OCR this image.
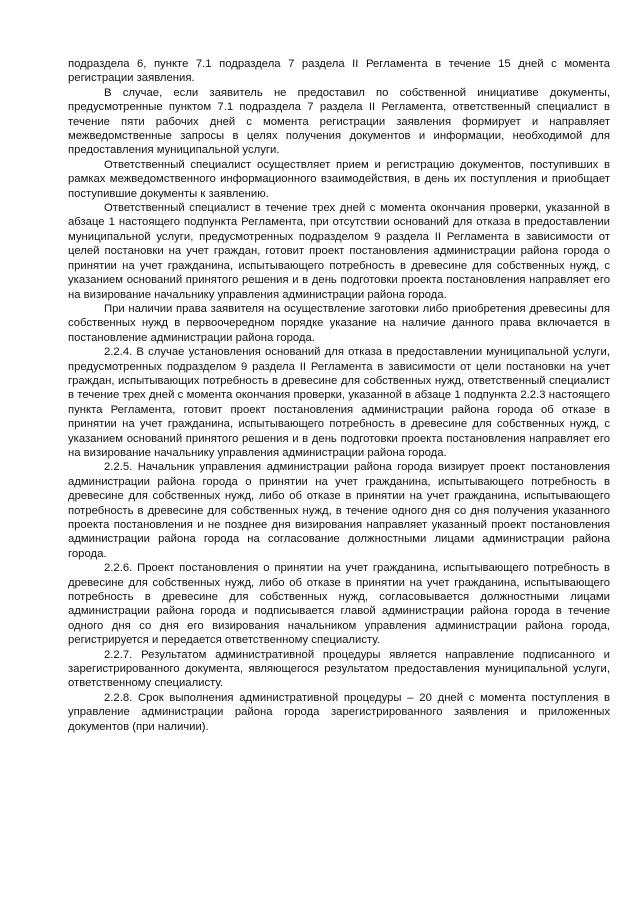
подраздела 6, пункте 7.1 подраздела 7 раздела II Регламента в течение 15 дней с момента регистрации заявления.

В случае, если заявитель не предоставил по собственной инициативе документы, предусмотренные пунктом 7.1 подраздела 7 раздела II Регламента, ответственный специалист в течение пяти рабочих дней с момента регистрации заявления формирует и направляет межведомственные запросы в целях получения документов и информации, необходимой для предоставления муниципальной услуги.

Ответственный специалист осуществляет прием и регистрацию документов, поступивших в рамках межведомственного информационного взаимодействия, в день их поступления и приобщает поступившие документы к заявлению.

Ответственный специалист в течение трех дней с момента окончания проверки, указанной в абзаце 1 настоящего подпункта Регламента, при отсутствии оснований для отказа в предоставлении муниципальной услуги, предусмотренных подразделом 9 раздела II Регламента в зависимости от целей постановки на учет граждан, готовит проект постановления администрации района города о принятии на учет гражданина, испытывающего потребность в древесине для собственных нужд, с указанием оснований принятого решения и в день подготовки проекта постановления направляет его на визирование начальнику управления администрации района города.

При наличии права заявителя на осуществление заготовки либо приобретения древесины для собственных нужд в первоочередном порядке указание на наличие данного права включается в постановление администрации района города.

2.2.4. В случае установления оснований для отказа в предоставлении муниципальной услуги, предусмотренных подразделом 9 раздела II Регламента в зависимости от цели постановки на учет граждан, испытывающих потребность в древесине для собственных нужд, ответственный специалист в течение трех дней с момента окончания проверки, указанной в абзаце 1 подпункта 2.2.3 настоящего пункта Регламента, готовит проект постановления администрации района города об отказе в принятии на учет гражданина, испытывающего потребность в древесине для собственных нужд, с указанием оснований принятого решения и в день подготовки проекта постановления направляет его на визирование начальнику управления администрации района города.

2.2.5. Начальник управления администрации района города визирует проект постановления администрации района города о принятии на учет гражданина, испытывающего потребность в древесине для собственных нужд, либо об отказе в принятии на учет гражданина, испытывающего потребность в древесине для собственных нужд, в течение одного дня со дня получения указанного проекта постановления и не позднее дня визирования направляет указанный проект постановления администрации района города на согласование должностными лицами администрации района города.

2.2.6. Проект постановления о принятии на учет гражданина, испытывающего потребность в древесине для собственных нужд, либо об отказе в принятии на учет гражданина, испытывающего потребность в древесине для собственных нужд, согласовывается должностными лицами администрации района города и подписывается главой администрации района города в течение одного дня со дня его визирования начальником управления администрации района города, регистрируется и передается ответственному специалисту.

2.2.7. Результатом административной процедуры является направление подписанного и зарегистрированного документа, являющегося результатом предоставления муниципальной услуги, ответственному специалисту.

2.2.8. Срок выполнения административной процедуры – 20 дней с момента поступления в управление администрации района города зарегистрированного заявления и приложенных документов (при наличии).
